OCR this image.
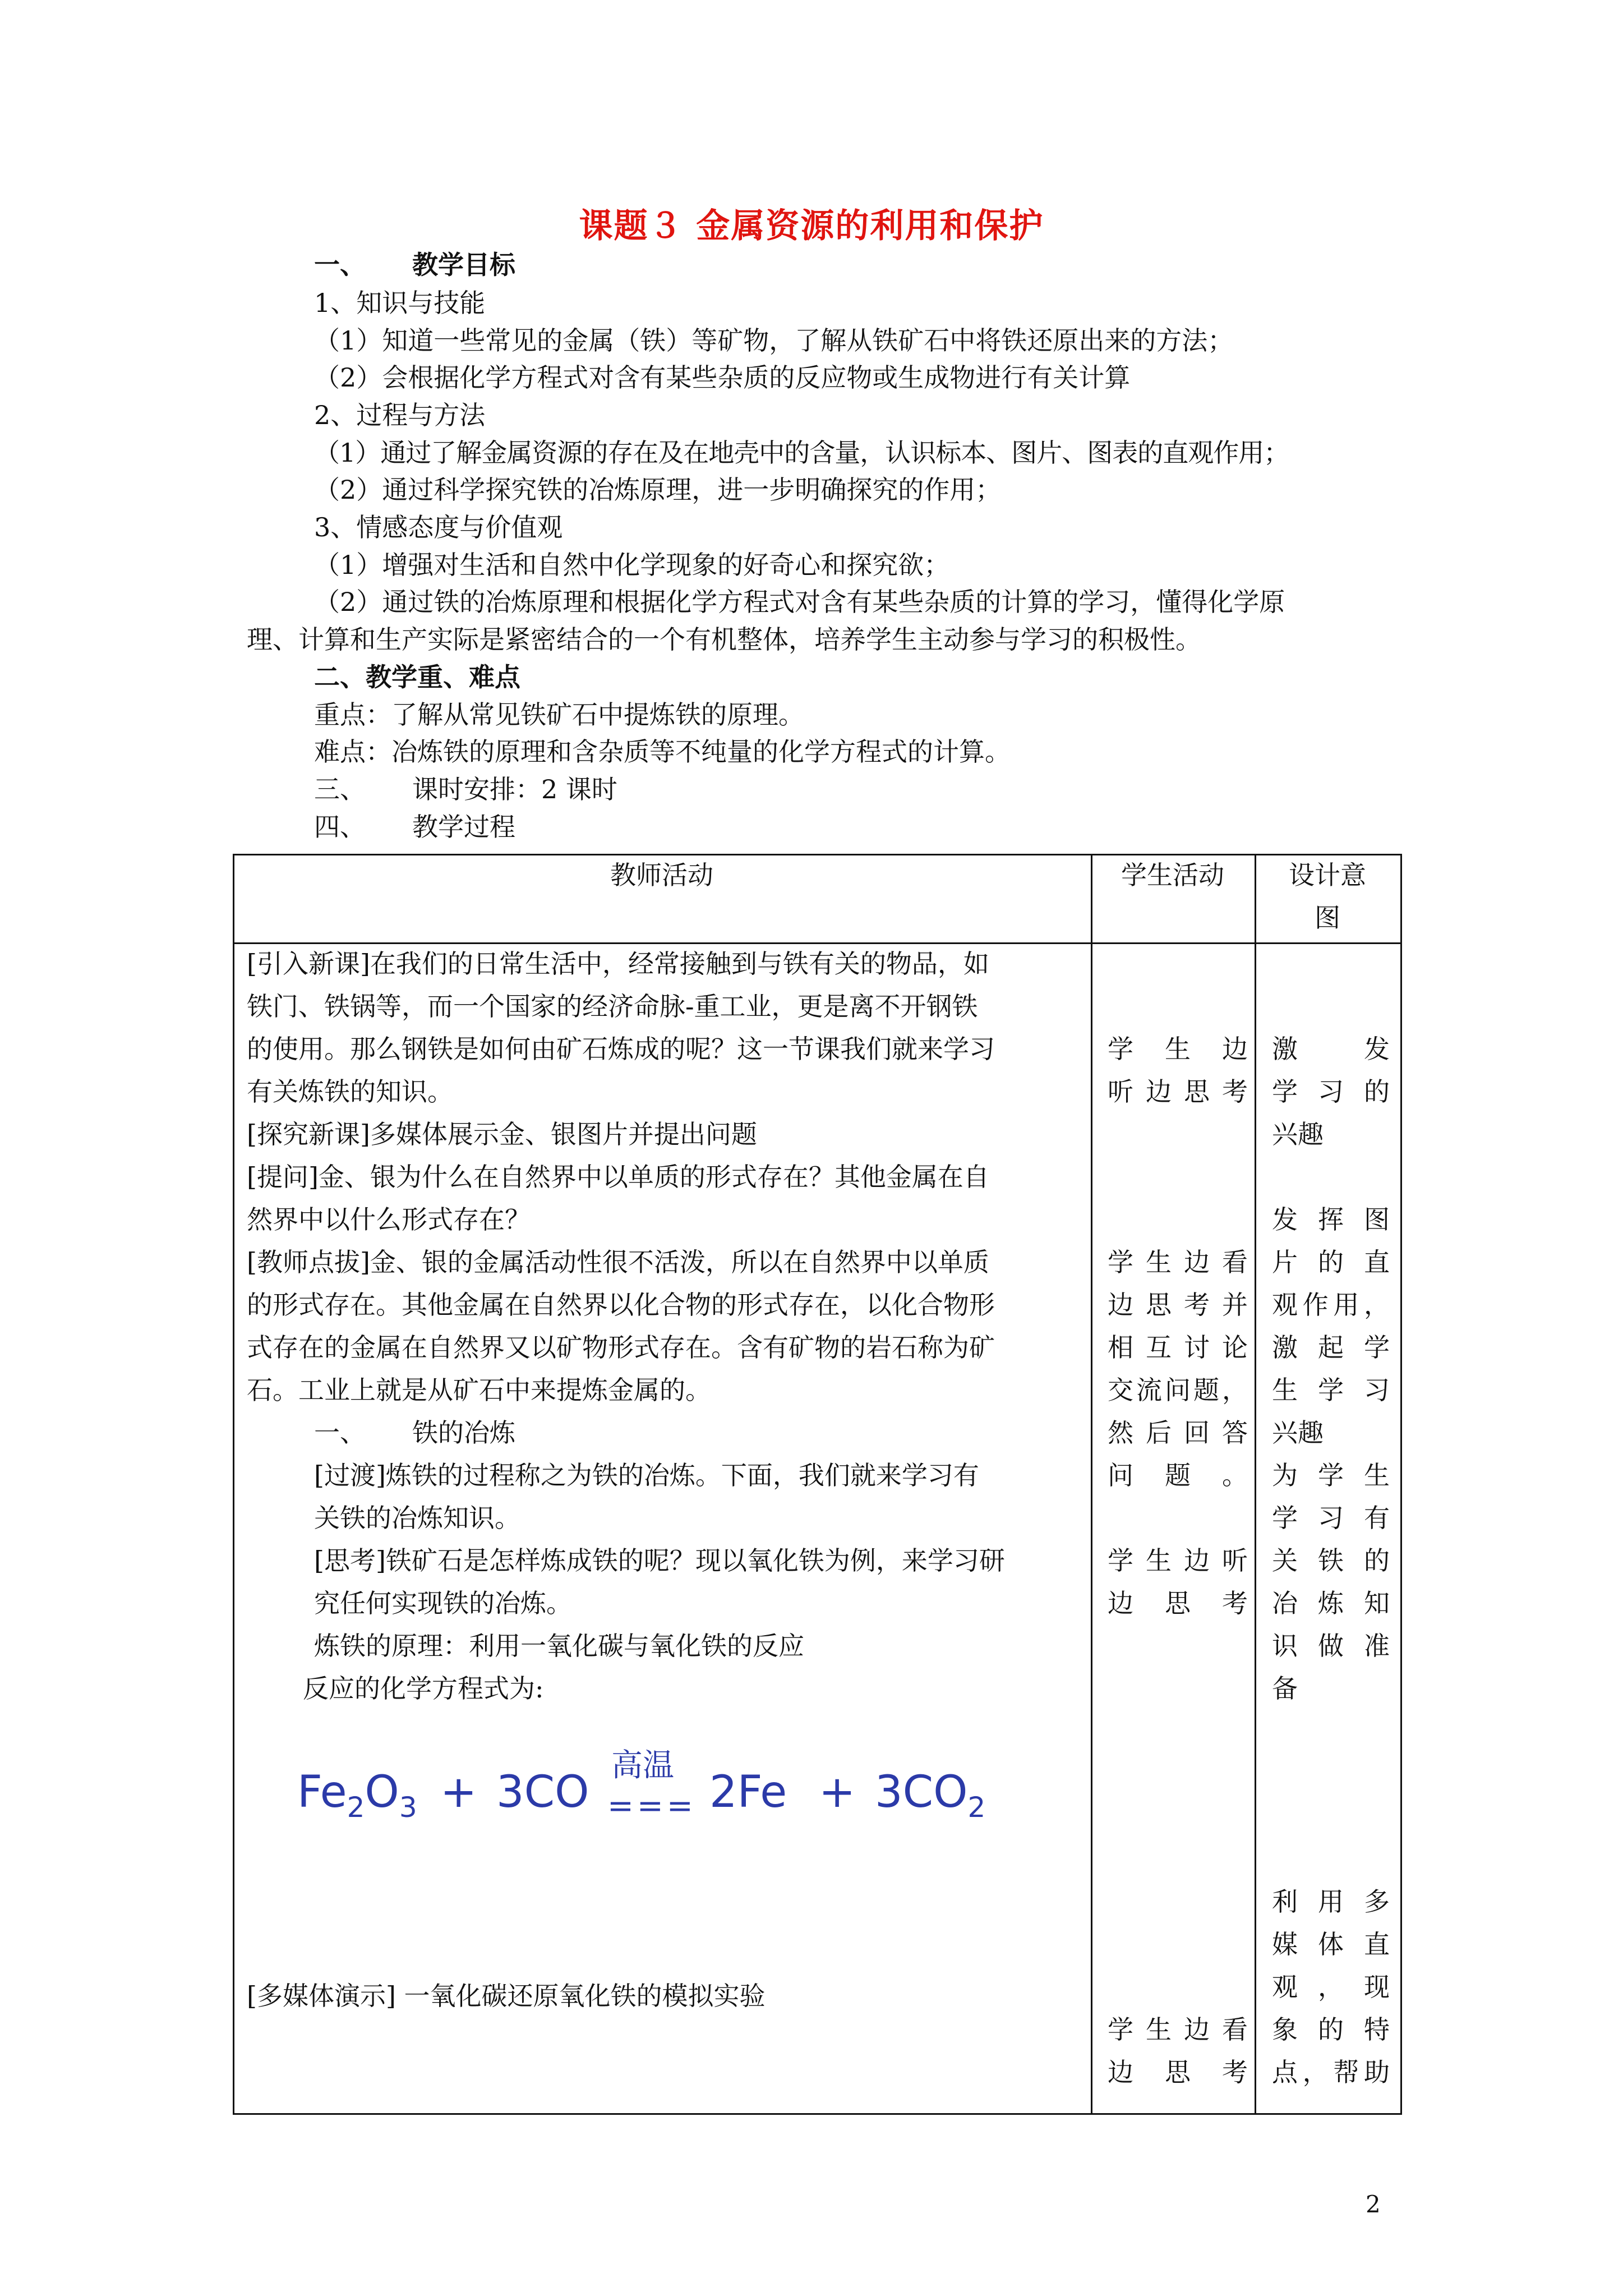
课题３ 金属资源的利用和保护
一、 教学目标
1、知识与技能
（1）知道一些常见的金属（铁）等矿物，了解从铁矿石中将铁还原出来的方法；
（2）会根据化学方程式对含有某些杂质的反应物或生成物进行有关计算
2、过程与方法
（1）通过了解金属资源的存在及在地壳中的含量，认识标本、图片、图表的直观作用；
（2）通过科学探究铁的冶炼原理，进一步明确探究的作用；
3、情感态度与价值观
（1）增强对生活和自然中化学现象的好奇心和探究欲；
（2）通过铁的冶炼原理和根据化学方程式对含有某些杂质的计算的学习，懂得化学原
理、计算和生产实际是紧密结合的一个有机整体，培养学生主动参与学习的积极性。
二、教学重、难点
重点：了解从常见铁矿石中提炼铁的原理。
难点：冶炼铁的原理和含杂质等不纯量的化学方程式的计算。
三、 课时安排：2 课时
四、 教学过程
教师活动	学生活动	设计意
图

[引入新课]在我们的日常生活中，经常接触到与铁有关的物品，如

铁门、铁锅等，而一个国家的经济命脉-重工业，更是离不开钢铁

的使用。那么钢铁是如何由矿石炼成的呢？这一节课我们就来学习

有关炼铁的知识。

[探究新课]多媒体展示金、银图片并提出问题

[提问]金、银为什么在自然界中以单质的形式存在？其他金属在自

然界中以什么形式存在？

[教师点拔]金、银的金属活动性很不活泼，所以在自然界中以单质

的形式存在。其他金属在自然界以化合物的形式存在，以化合物形

式存在的金属在自然界又以矿物形式存在。含有矿物的岩石称为矿

石。工业上就是从矿石中来提炼金属的。

一、 铁的冶炼
[过渡]炼铁的过程称之为铁的冶炼。下面，我们就来学习有
关铁的冶炼知识。
[思考]铁矿石是怎样炼成铁的呢？现以氧化铁为例，来学习研
究任何实现铁的冶炼。
炼铁的原理：利用一氧化碳与氧化铁的反应
反应的化学方程式为:
$Fe_2O_3 + 3CO$
高温
=== $2Fe + 3CO_2$
[多媒体演示] 一氧化碳还原氧化铁的模拟实验

学生边

听边思考

学生边看

边思考并

相互讨论

交流问题，

然后回答

问题。

学生边听

边思考

学生边看

边思考

激发

学习的

兴趣

发挥图

片的直

观作用，

激起学

生学习

兴趣

为学生

学习有

关铁的

冶炼知

识做准

备

利用多

媒体直

观，现

象的特

点，帮助

2
